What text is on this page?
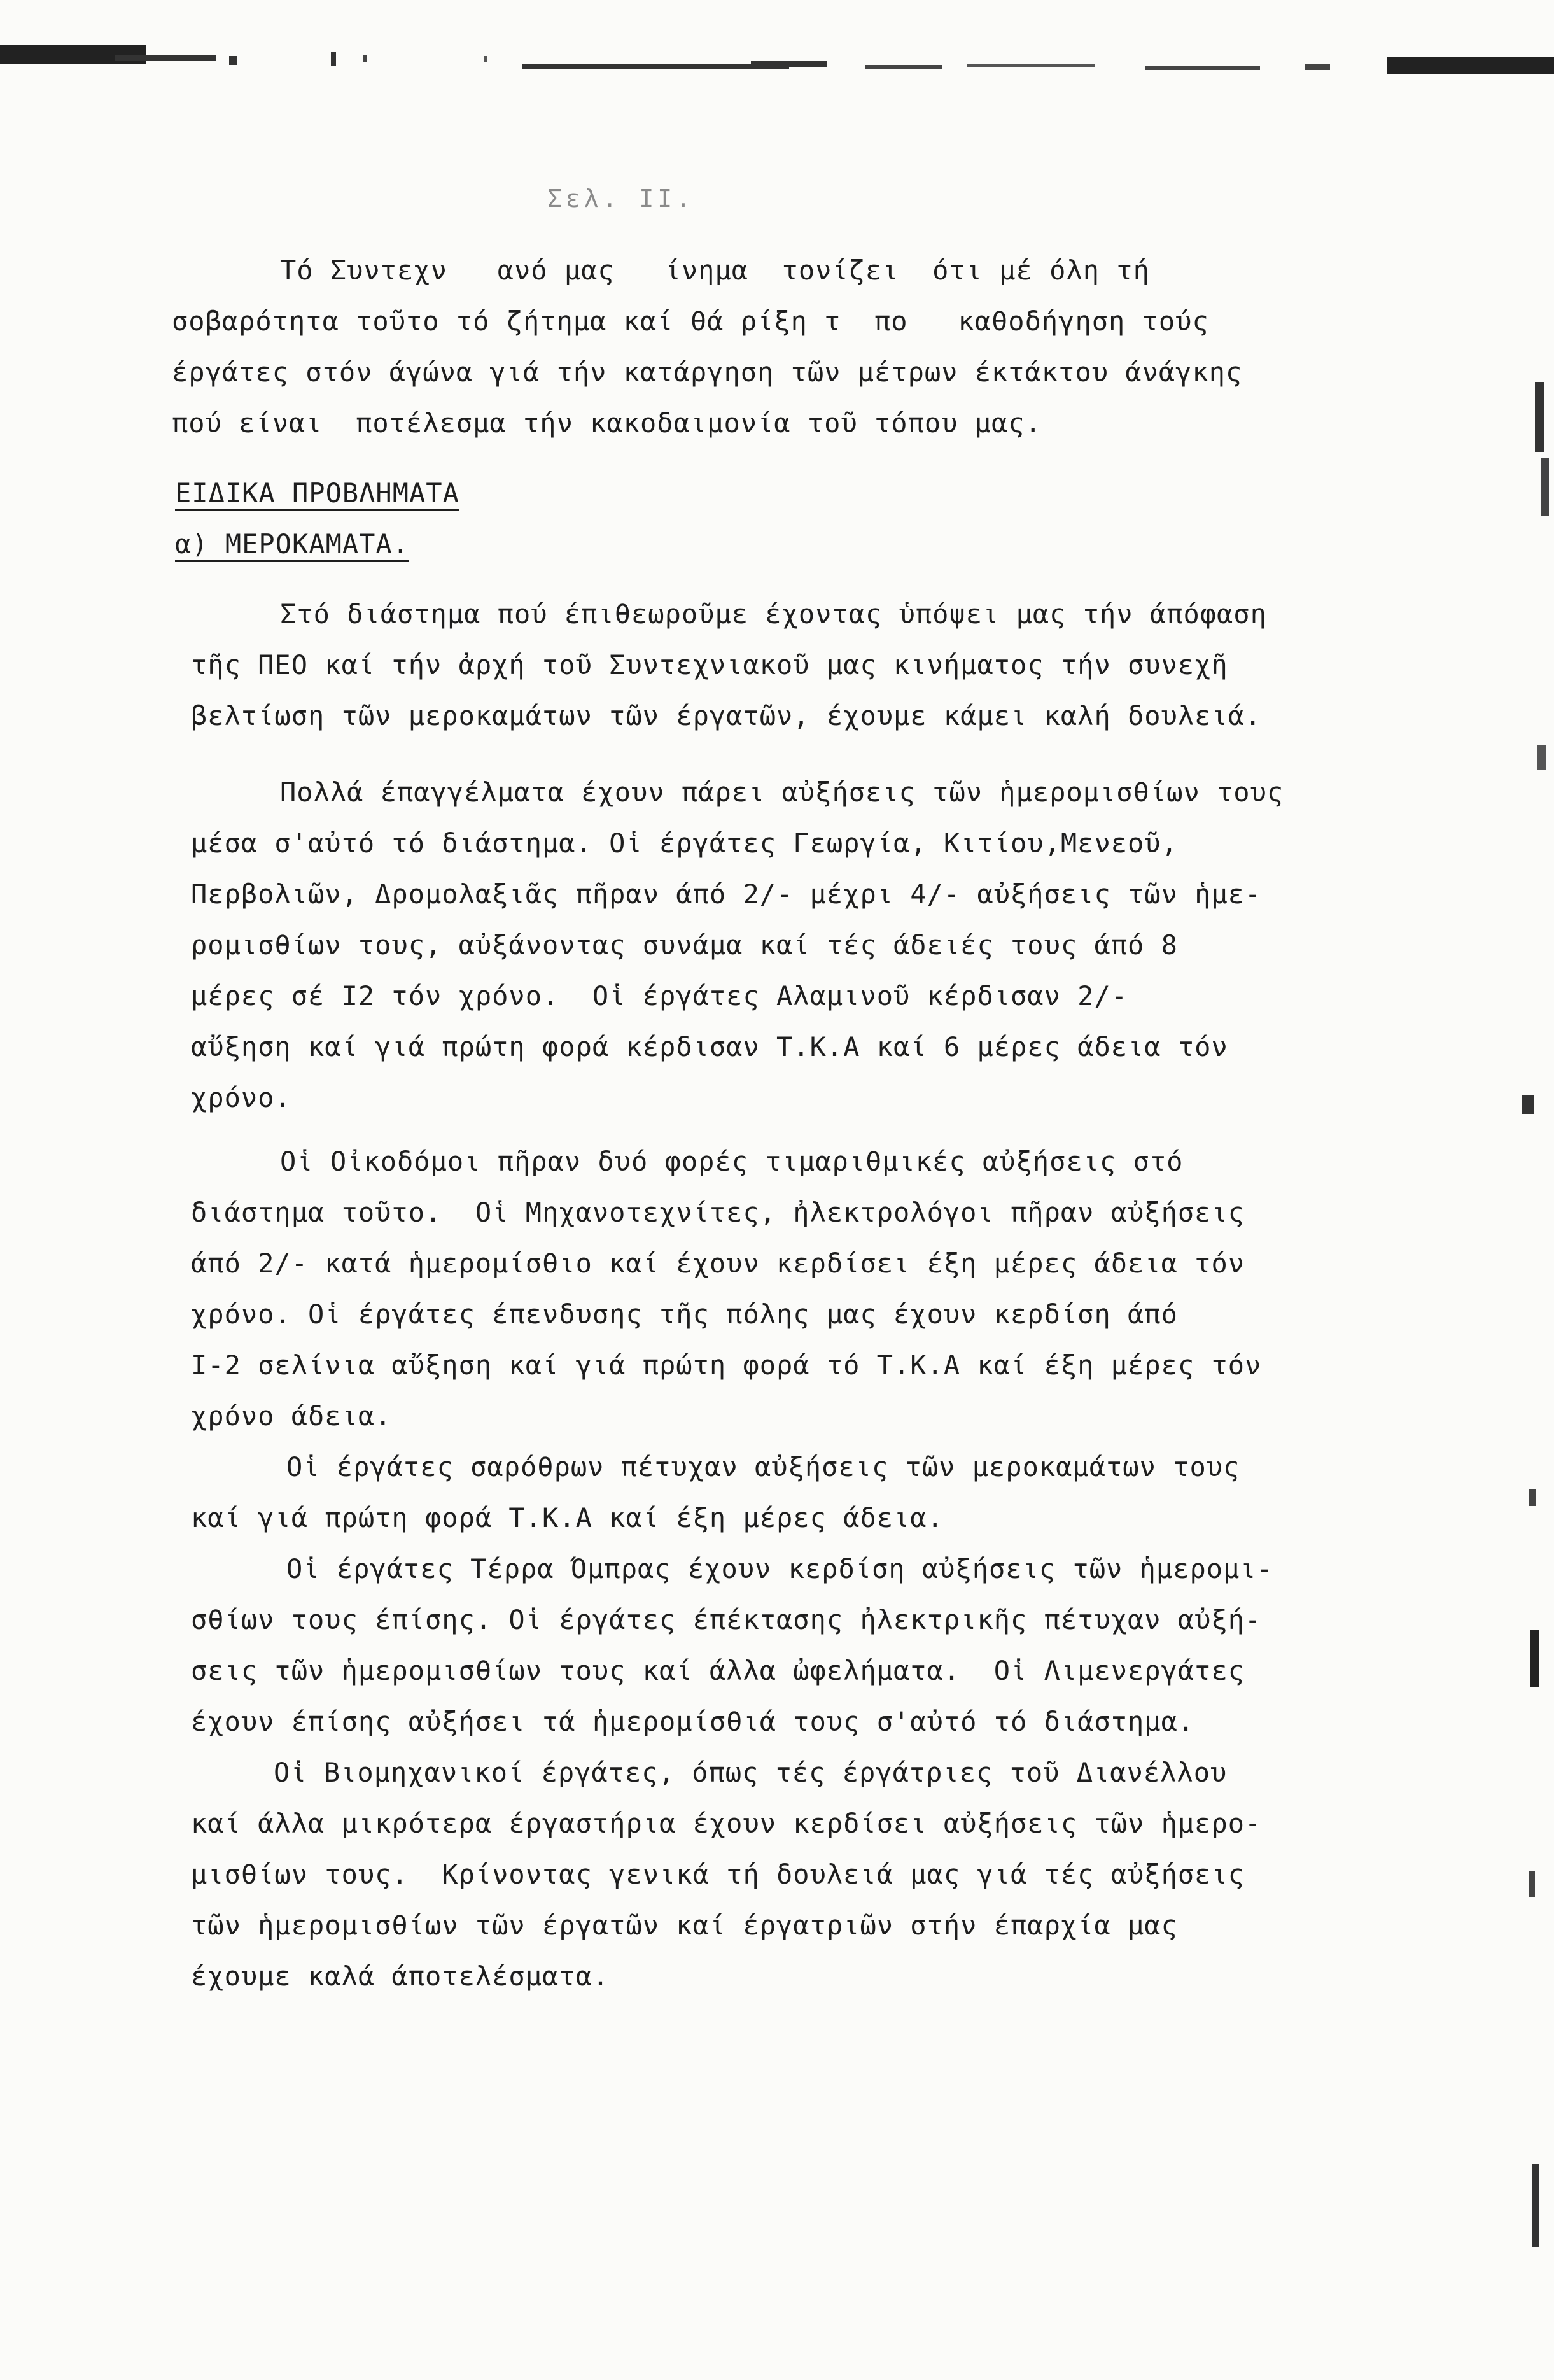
Σελ. ΙΙ.
Τό Συντεχν   ανό μας   ίνημα  τονίζει  ότι μέ όλη τή
σοβαρότητα τοῦτο τό ζήτημα καί θά ρίξη τ  πο   καθοδήγηση τούς
έργάτες στόν άγώνα γιά τήν κατάργηση τῶν μέτρων έκτάκτου άνάγκης
πού είναι  ποτέλεσμα τήν κακοδαιμονία τοῦ τόπου μας.
ΕΙΔΙΚΑ ΠΡΟΒΛΗΜΑΤΑ
α) ΜΕΡΟΚΑΜΑΤΑ.
Στό διάστημα πού έπιθεωροῦμε έχοντας ὑπόψει μας τήν άπόφαση
τῆς ΠΕΟ καί τήν ἀρχή τοῦ Συντεχνιακοῦ μας κινήματος τήν συνεχῆ
βελτίωση τῶν μεροκαμάτων τῶν έργατῶν, έχουμε κάμει καλή δουλειά.
Πολλά έπαγγέλματα έχουν πάρει αὐξήσεις τῶν ἡμερομισθίων τους
μέσα σ'αὐτό τό διάστημα. Οἱ έργάτες Γεωργία, Κιτίου,Μενεοῦ,
Περβολιῶν, Δρομολαξιᾶς πῆραν άπό 2/- μέχρι 4/- αὐξήσεις τῶν ἡμε-
ρομισθίων τους, αὐξάνοντας συνάμα καί τές άδειές τους άπό 8
μέρες σέ Ι2 τόν χρόνο.  Οἱ έργάτες Αλαμινοῦ κέρδισαν 2/-
αὔξηση καί γιά πρώτη φορά κέρδισαν Τ.Κ.Α καί 6 μέρες άδεια τόν
χρόνο.
Οἱ Οἰκοδόμοι πῆραν δυό φορές τιμαριθμικές αὐξήσεις στό
διάστημα τοῦτο.  Οἱ Μηχανοτεχνίτες, ἠλεκτρολόγοι πῆραν αὐξήσεις
άπό 2/- κατά ἡμερομίσθιο καί έχουν κερδίσει έξη μέρες άδεια τόν
χρόνο. Οἱ έργάτες έπενδυσης τῆς πόλης μας έχουν κερδίση άπό
Ι-2 σελίνια αὔξηση καί γιά πρώτη φορά τό Τ.Κ.Α καί έξη μέρες τόν
χρόνο άδεια.
Οἱ έργάτες σαρόθρων πέτυχαν αὐξήσεις τῶν μεροκαμάτων τους
καί γιά πρώτη φορά Τ.Κ.Α καί έξη μέρες άδεια.
Οἱ έργάτες Τέρρα Όμπρας έχουν κερδίση αὐξήσεις τῶν ἡμερομι-
σθίων τους έπίσης. Οἱ έργάτες έπέκτασης ἠλεκτρικῆς πέτυχαν αὐξή-
σεις τῶν ἡμερομισθίων τους καί άλλα ὠφελήματα.  Οἱ Λιμενεργάτες
έχουν έπίσης αὐξήσει τά ἡμερομίσθιά τους σ'αὐτό τό διάστημα.
Οἱ Βιομηχανικοί έργάτες, όπως τές έργάτριες τοῦ Διανέλλου
καί άλλα μικρότερα έργαστήρια έχουν κερδίσει αὐξήσεις τῶν ἡμερο-
μισθίων τους.  Κρίνοντας γενικά τή δουλειά μας γιά τές αὐξήσεις
τῶν ἡμερομισθίων τῶν έργατῶν καί έργατριῶν στήν έπαρχία μας
έχουμε καλά άποτελέσματα.
